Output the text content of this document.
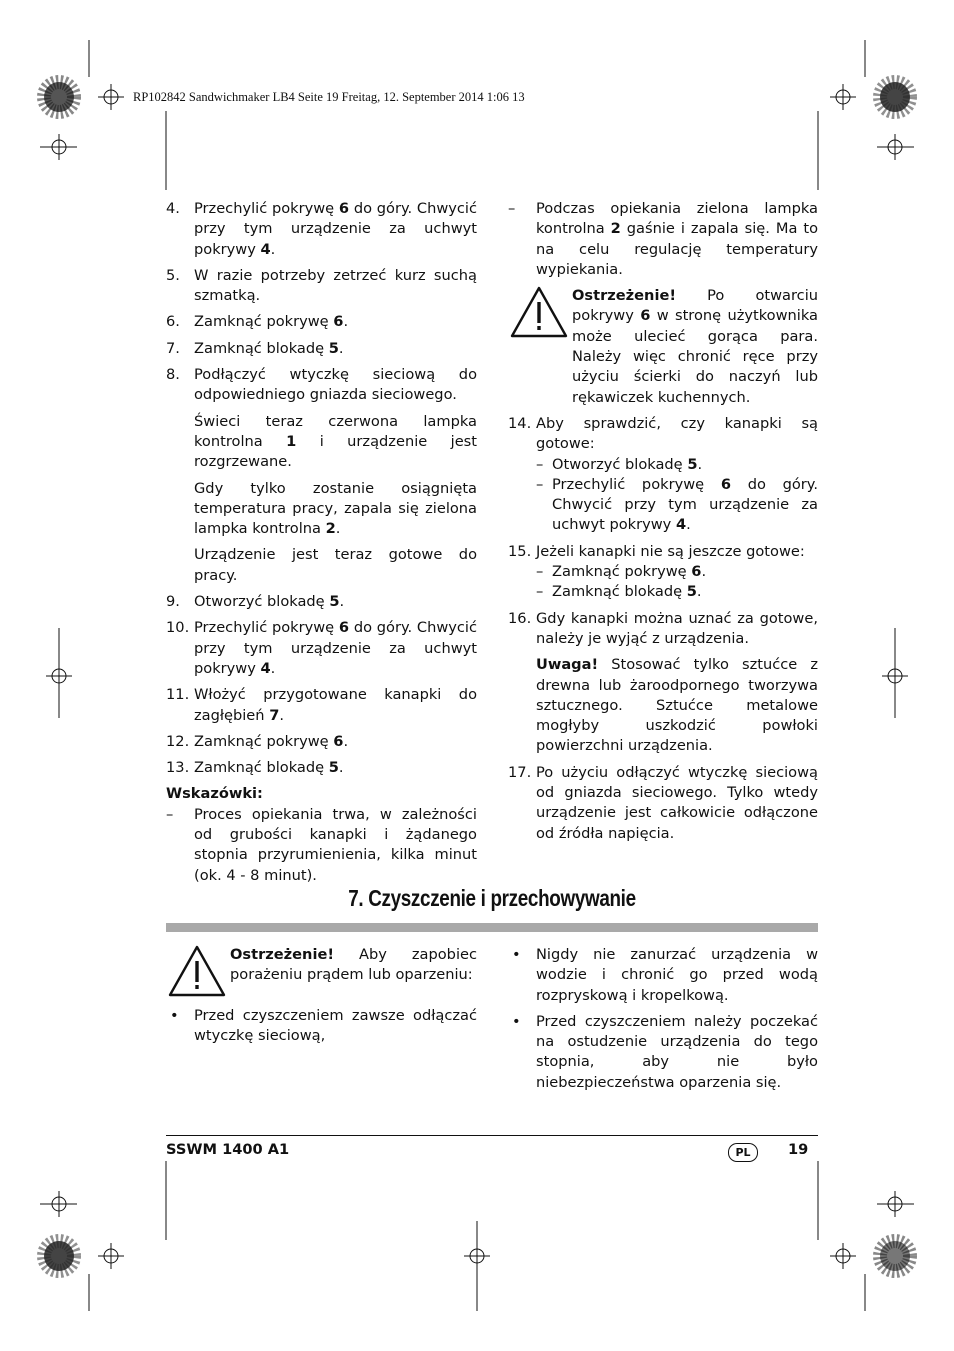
RP102842 Sandwichmaker LB4 Seite 19 Freitag, 12. September 2014 1:06 13
4. Przechylić pokrywę 6 do góry. Chwycić przy tym urządzenie za uchwyt pokrywy 4.
5. W razie potrzeby zetrzeć kurz suchą szmatką.
6. Zamknąć pokrywę 6.
7. Zamknąć blokadę 5.
8. Podłączyć wtyczkę sieciową do odpowiedniego gniazda sieciowego.
Świeci teraz czerwona lampka kontrolna 1 i urządzenie jest rozgrzewane.
Gdy tylko zostanie osiągnięta temperatura pracy, zapala się zielona lampka kontrolna 2.
Urządzenie jest teraz gotowe do pracy.
9. Otworzyć blokadę 5.
10. Przechylić pokrywę 6 do góry. Chwycić przy tym urządzenie za uchwyt pokrywy 4.
11. Włożyć przygotowane kanapki do zagłębień 7.
12. Zamknąć pokrywę 6.
13. Zamknąć blokadę 5.
Wskazówki:
– Proces opiekania trwa, w zależności od grubości kanapki i żądanego stopnia przyrumienienia, kilka minut (ok. 4 - 8 minut).
– Podczas opiekania zielona lampka kontrolna 2 gaśnie i zapala się. Ma to na celu regulację temperatury wypiekania.
Ostrzeżenie! Po otwarciu pokrywy 6 w stronę użytkownika może ulecieć gorąca para. Należy więc chronić ręce przy użyciu ścierki do naczyń lub rękawiczek kuchennych.
14. Aby sprawdzić, czy kanapki są gotowe:
– Otworzyć blokadę 5.
– Przechylić pokrywę 6 do góry. Chwycić przy tym urządzenie za uchwyt pokrywy 4.
15. Jeżeli kanapki nie są jeszcze gotowe:
– Zamknąć pokrywę 6.
– Zamknąć blokadę 5.
16. Gdy kanapki można uznać za gotowe, należy je wyjąć z urządzenia.
Uwaga! Stosować tylko sztućce z drewna lub żaroodpornego tworzywa sztucznego. Sztućce metalowe mogłyby uszkodzić powłoki powierzchni urządzenia.
17. Po użyciu odłączyć wtyczkę sieciową od gniazda sieciowego. Tylko wtedy urządzenie jest całkowicie odłączone od źródła napięcia.
7. Czyszczenie i przechowywanie
Ostrzeżenie! Aby zapobiec porażeniu prądem lub oparzeniu:
• Przed czyszczeniem zawsze odłączać wtyczkę sieciową,
• Nigdy nie zanurzać urządzenia w wodzie i chronić go przed wodą rozpryskową i kropelkową.
• Przed czyszczeniem należy poczekać na ostudzenie urządzenia do tego stopnia, aby nie było niebezpieczeństwa oparzenia się.
SSWM 1400 A1	PL	19
